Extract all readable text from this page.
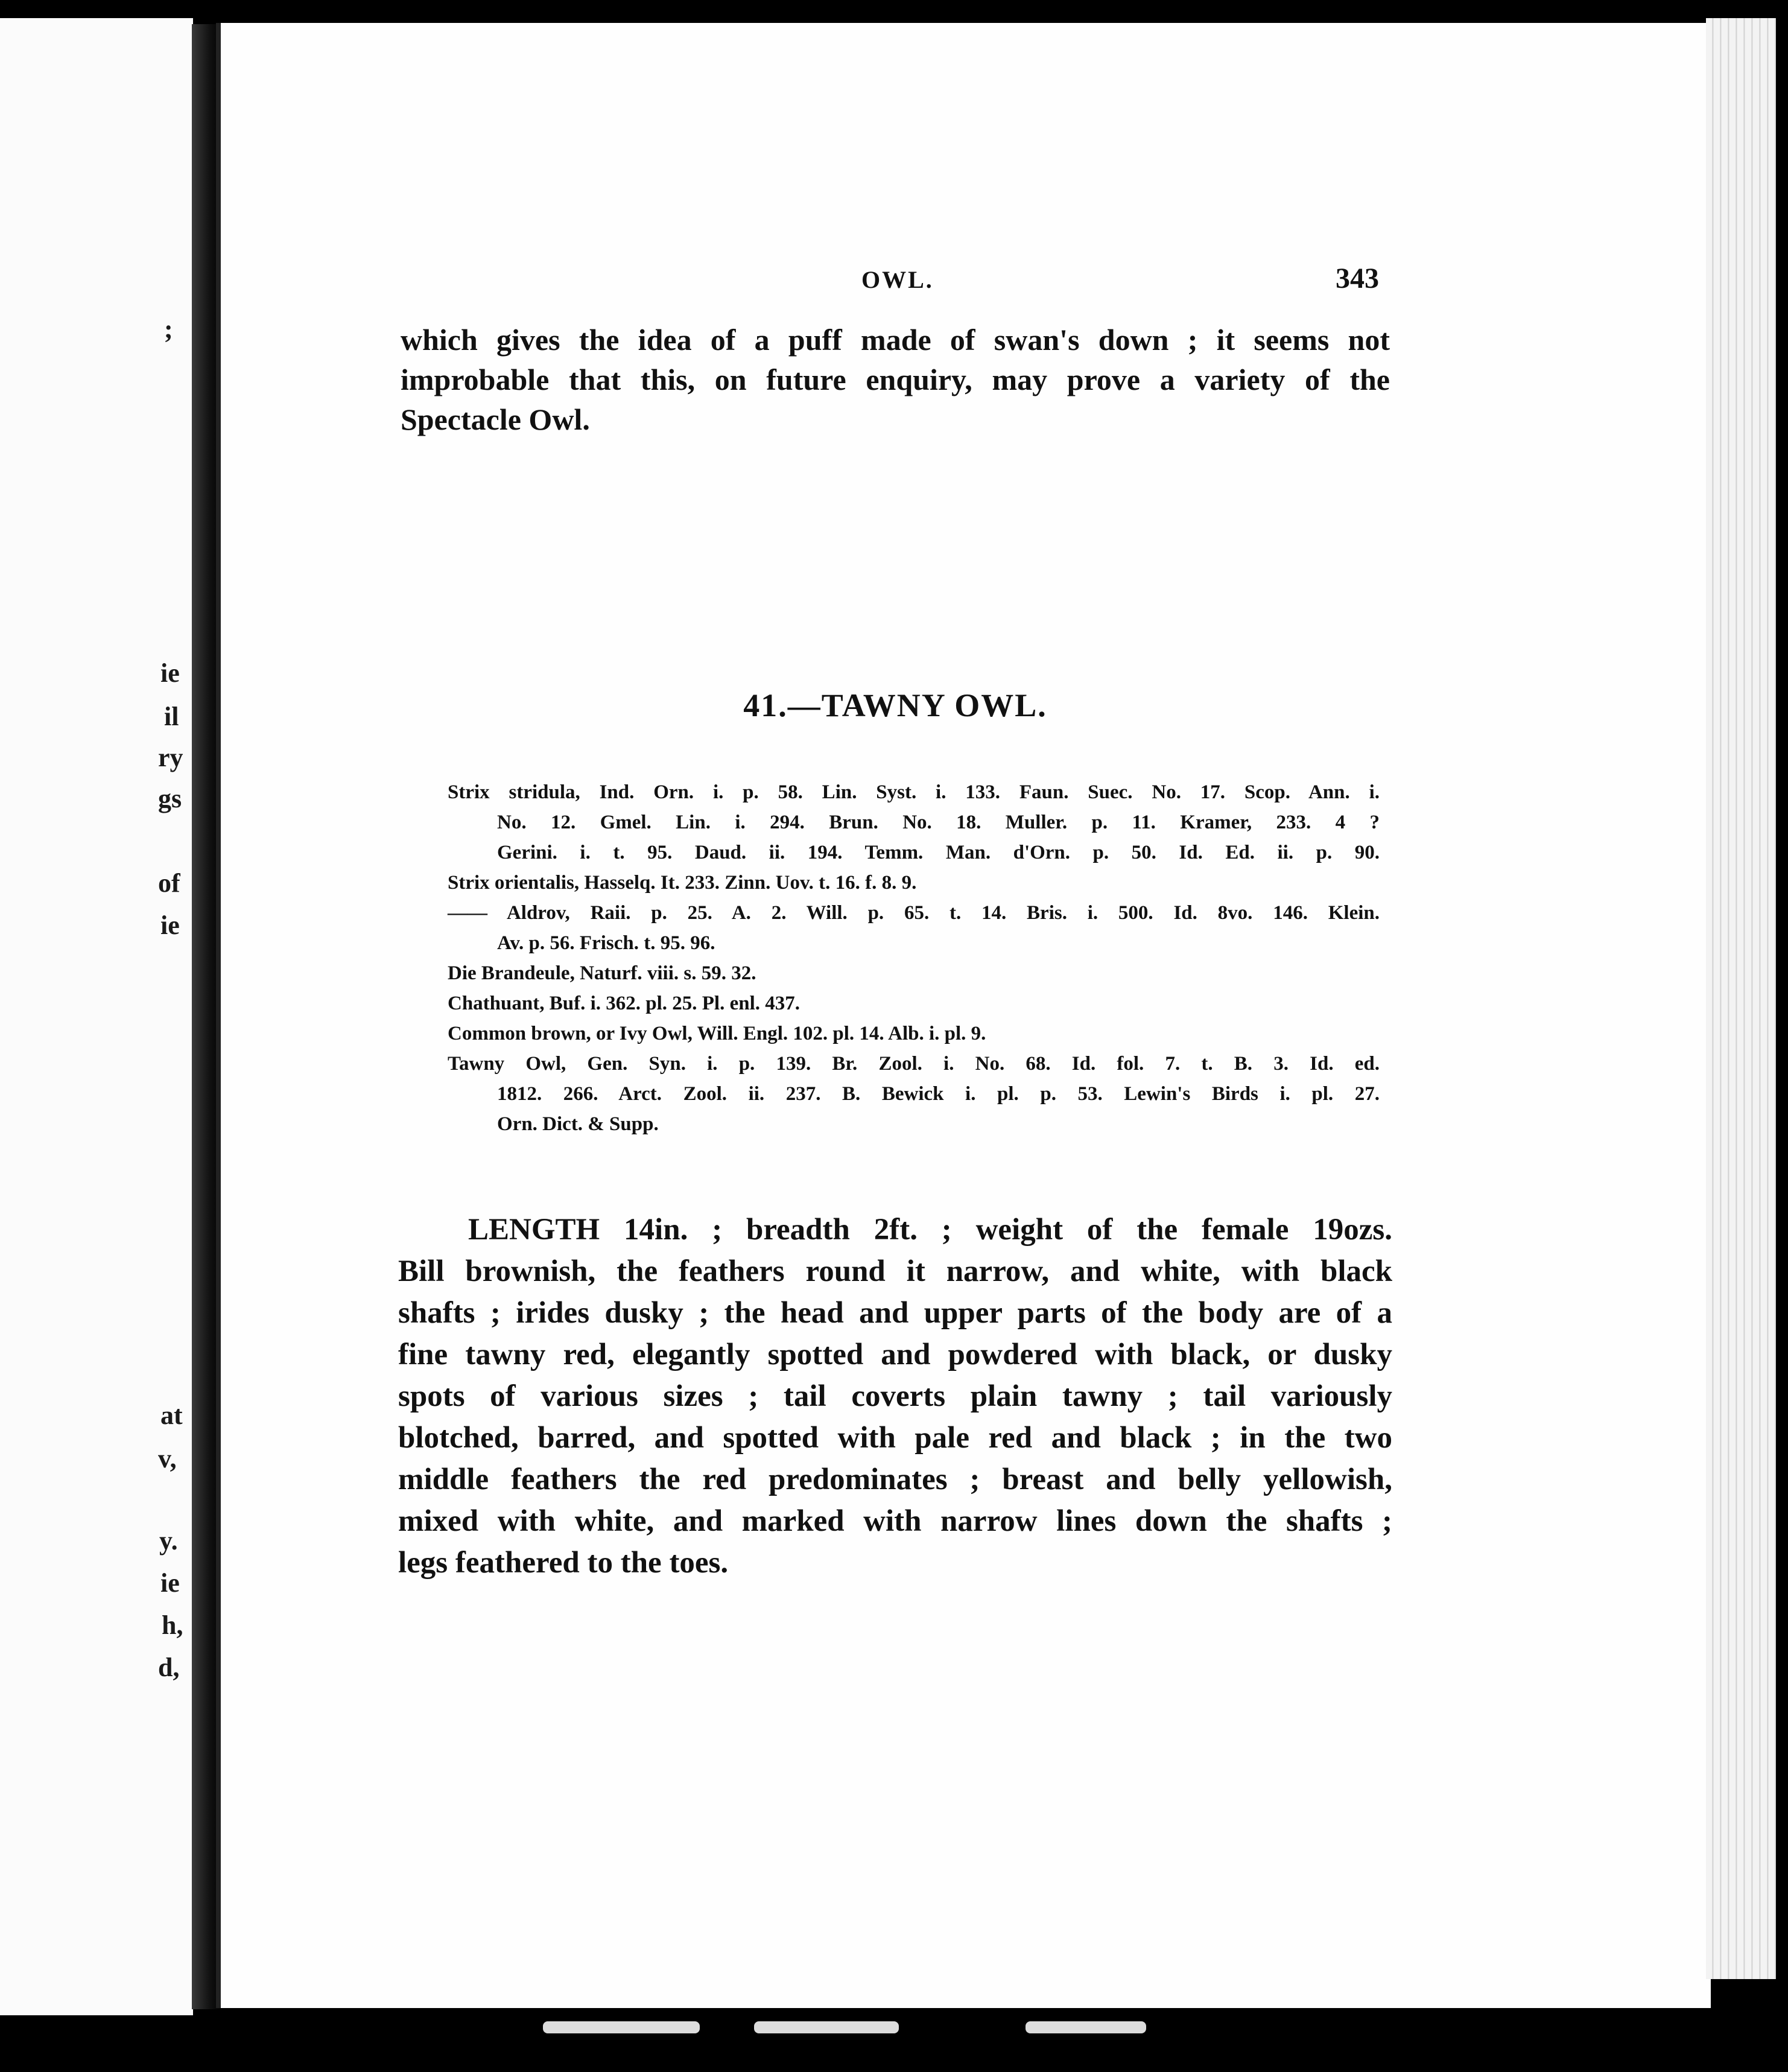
;
ie
il
ry
gs
of
ie
at
v,
y.
ie
h,
d,
OWL.	343
which gives the idea of a puff made of swan's down ; it seems not
improbable that this, on future enquiry, may prove a variety of the
Spectacle Owl.
41.—TAWNY OWL.
Strix stridula, Ind. Orn. i. p. 58. Lin. Syst. i. 133. Faun. Suec. No. 17. Scop. Ann. i.
No. 12. Gmel. Lin. i. 294. Brun. No. 18. Muller. p. 11. Kramer, 233. 4 ?
Gerini. i. t. 95. Daud. ii. 194. Temm. Man. d'Orn. p. 50. Id. Ed. ii. p. 90.
Strix orientalis, Hasselq. It. 233. Zinn. Uov. t. 16. f. 8. 9.
—— Aldrov, Raii. p. 25. A. 2. Will. p. 65. t. 14. Bris. i. 500. Id. 8vo. 146. Klein.
Av. p. 56. Frisch. t. 95. 96.
Die Brandeule, Naturf. viii. s. 59. 32.
Chathuant, Buf. i. 362. pl. 25. Pl. enl. 437.
Common brown, or Ivy Owl, Will. Engl. 102. pl. 14. Alb. i. pl. 9.
Tawny Owl, Gen. Syn. i. p. 139. Br. Zool. i. No. 68. Id. fol. 7. t. B. 3. Id. ed.
1812. 266. Arct. Zool. ii. 237. B. Bewick i. pl. p. 53. Lewin's Birds i. pl. 27.
Orn. Dict. & Supp.
LENGTH 14in. ; breadth 2ft. ; weight of the female 19ozs.
Bill brownish, the feathers round it narrow, and white, with black
shafts ; irides dusky ; the head and upper parts of the body are of a
fine tawny red, elegantly spotted and powdered with black, or dusky
spots of various sizes ; tail coverts plain tawny ; tail variously
blotched, barred, and spotted with pale red and black ; in the two
middle feathers the red predominates ; breast and belly yellowish,
mixed with white, and marked with narrow lines down the shafts ;
legs feathered to the toes.
